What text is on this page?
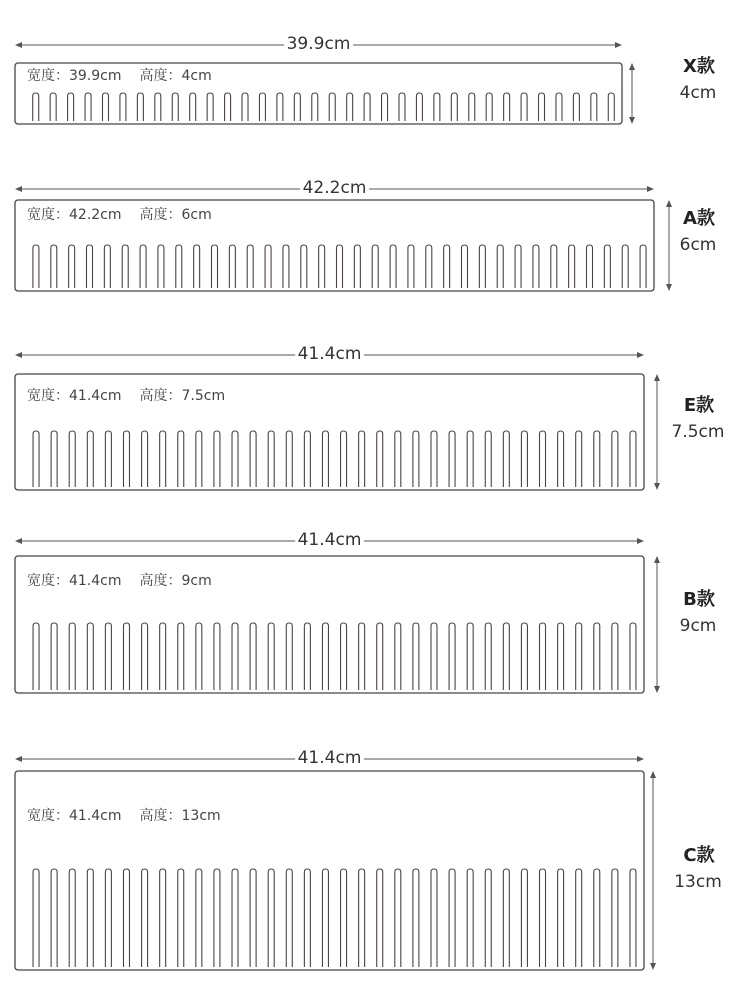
39.9cm
宽度：39.9cm 高度：4cm	X款
4cm
42.2cm
宽度：42.2cm 高度：6cm	A款
6cm
41.4cm
宽度：41.4cm 高度：7.5cm	E款
7.5cm
41.4cm
宽度：41.4cm 高度：9cm
B款
9cm
41.4cm
宽度：41.4cm 高度：13cm
C款
13cm
